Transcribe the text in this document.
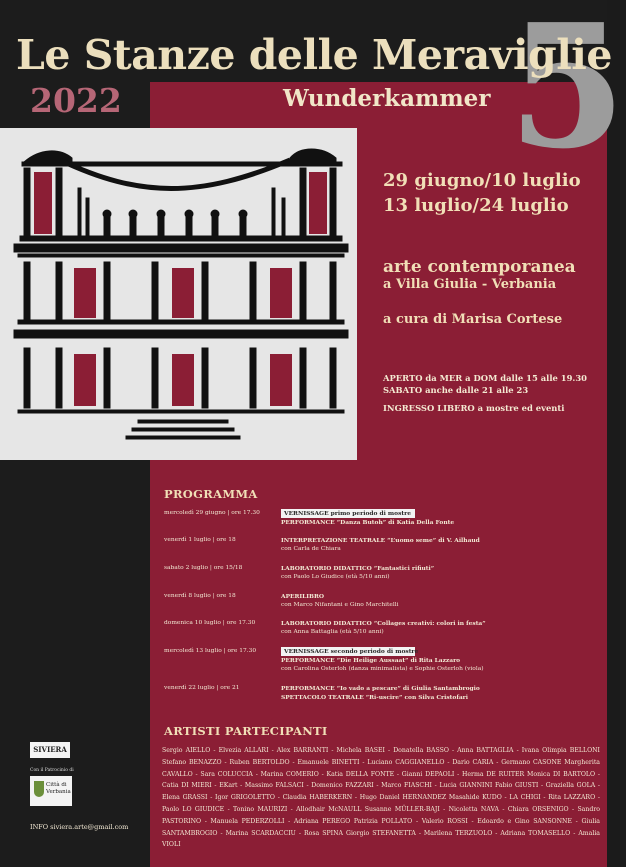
5
Le Stanze delle Meraviglie
2022	Wunderkammer
29 giugno/10 luglio
13 luglio/24 luglio
arte contemporanea
a Villa Giulia - Verbania
a cura di Marisa Cortese
APERTO da MER a DOM dalle 15 alle 19.30
SABATO anche dalle 21 alle 23
INGRESSO LIBERO a mostre ed eventi
PROGRAMMA
mercoledì 29 giugno | ore 17.30	VERNISSAGE primo periodo di mostre
PERFORMANCE “Danza Butoh” di Katia Della Fonte
venerdì 1 luglio | ore 18	INTERPRETAZIONE TEATRALE “L’uomo seme” di V. Ailhaud
con Carla de Chiara
sabato 2 luglio | ore 15/18	LABORATORIO DIDATTICO “Fantastici rifiuti”
con Paolo Lo Giudice (età 5/10 anni)
venerdì 8 luglio | ore 18	APERILIBRO
con Marco Nifantani e Gino Marchitelli
domenica 10 luglio | ore 17.30	LABORATORIO DIDATTICO “Collages creativi: colori in festa”
con Anna Battaglia (età 5/10 anni)
mercoledì 13 luglio | ore 17.30	VERNISSAGE secondo periodo di mostre
PERFORMANCE “Die Heilige Aussaat” di Rita Lazzaro
con Carolina Osterloh (danza minimalista) e Sophie Osterloh (viola)
venerdì 22 luglio | ore 21	PERFORMANCE “Io vado a pescare” di Giulia Santambrogio
SPETTACOLO TEATRALE “Ri-uscire” con Silva Cristofari
ARTISTI PARTECIPANTI
Sergio AIELLO - Elvezia ALLARI - Alex BARRANTI - Michela BASEI - Donatella BASSO - Anna BATTAGLIA - Ivana Olimpia BELLONI Stefano BENAZZO - Ruben BERTOLDO - Emanuele BINETTI - Luciano CAGGIANELLO - Dario CARIA - Germano CASONE Margherita CAVALLO - Sara COLUCCIA - Marina COMERIO - Katia DELLA FONTE - Gianni DEPAOLI - Herma DE RUITER Monica DI BARTOLO - Catia DI MIERI - EKart - Massimo FALSACI - Domenico FAZZARI - Marco FIASCHI - Lucia GIANNINI Fabio GIUSTI - Graziella GOLA - Elena GRASSI - Igor GRIGOLETTO - Claudia HABERKERN - Hugo Daniel HERNANDEZ Masahide KUDO - LA CHIGI - Rita LAZZARO - Paolo LO GIUDICE - Tonino MAURIZI - Allodhair McNAULL Susanne MÜLLER-BAJI - Nicoletta NAVA - Chiara ORSENIGO - Sandro PASTORINO - Manuela PEDERZOLLI - Adriana PEREGO Patrizia POLLATO - Valerio ROSSI - Edoardo e Gino SANSONNE - Giulia SANTAMBROGIO - Marina SCARDACCIU - Rosa SPINA Giorgio STEFANETTA - Marilena TERZUOLO - Adriana TOMASELLO - Amalia VIOLI
SIVIERA
Con il Patrocinio di
Città di
Verbania
INFO siviera.arte@gmail.com
